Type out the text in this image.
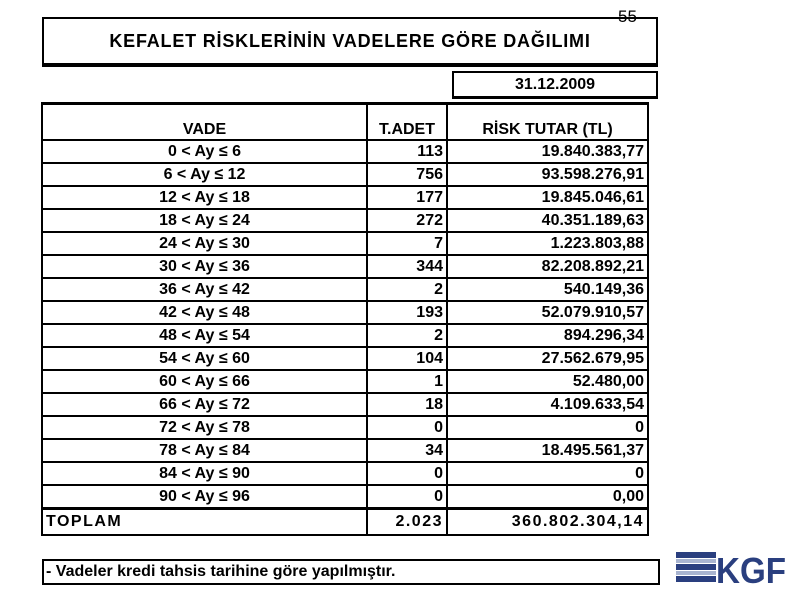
55
KEFALET RİSKLERİNİN VADELERE GÖRE DAĞILIMI
31.12.2009
VADE	T.ADET	RİSK TUTAR (TL)
0 < Ay ≤ 6	113	19.840.383,77
6 < Ay ≤ 12	756	93.598.276,91
12 < Ay ≤ 18	177	19.845.046,61
18 < Ay ≤ 24	272	40.351.189,63
24 < Ay ≤ 30	7	1.223.803,88
30 < Ay ≤ 36	344	82.208.892,21
36 < Ay ≤ 42	2	540.149,36
42 < Ay ≤ 48	193	52.079.910,57
48 < Ay ≤ 54	2	894.296,34
54 < Ay ≤ 60	104	27.562.679,95
60 < Ay ≤ 66	1	52.480,00
66 < Ay ≤ 72	18	4.109.633,54
72 < Ay ≤ 78	0	0
78 < Ay ≤ 84	34	18.495.561,37
84 < Ay ≤ 90	0	0
90 < Ay ≤ 96	0	0,00
TOPLAM	2.023	360.802.304,14
- Vadeler kredi tahsis tarihine göre yapılmıştır.	KGF
